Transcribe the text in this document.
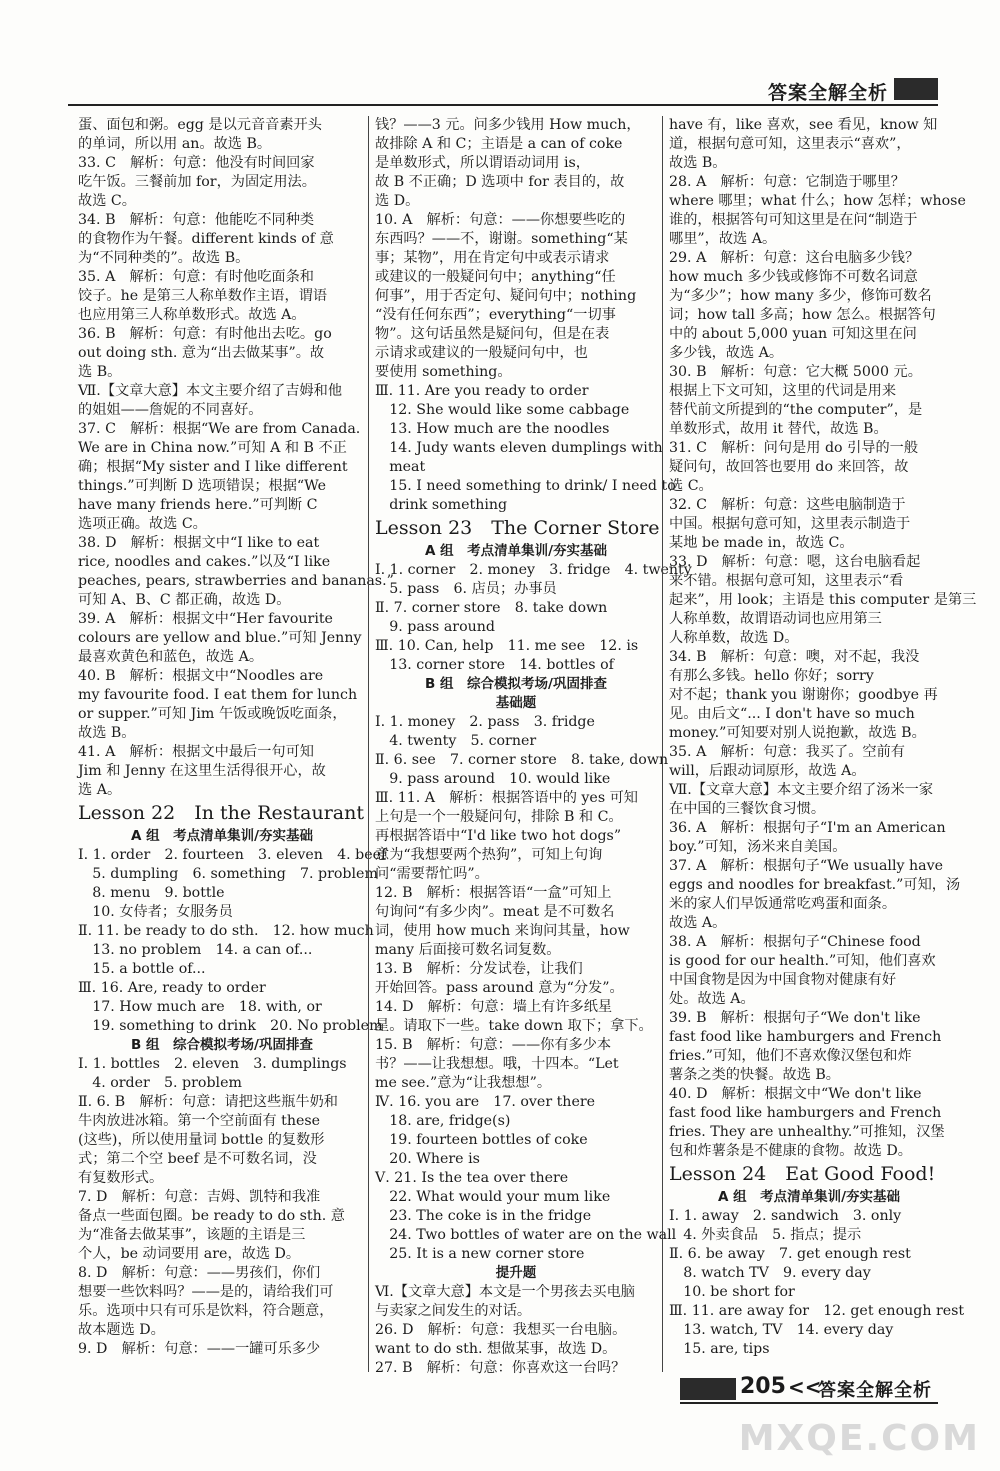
答案全解全析
蛋、面包和粥。egg 是以元音音素开头
的单词，所以用 an。故选 B。
33. C　解析：句意：他没有时间回家
吃午饭。三餐前加 for，为固定用法。
故选 C。
34. B　解析：句意：他能吃不同种类
的食物作为午餐。different kinds of 意
为“不同种类的”。故选 B。
35. A　解析：句意：有时他吃面条和
饺子。he 是第三人称单数作主语，谓语
也应用第三人称单数形式。故选 A。
36. B　解析：句意：有时他出去吃。go
out doing sth. 意为“出去做某事”。故
选 B。
Ⅶ.【文章大意】本文主要介绍了吉姆和他
的姐姐——詹妮的不同喜好。
37. C　解析：根据“We are from Canada.
We are in China now.”可知 A 和 B 不正
确；根据“My sister and I like different
things.”可判断 D 选项错误；根据“We
have many friends here.”可判断 C
选项正确。故选 C。
38. D　解析：根据文中“I like to eat
rice, noodles and cakes.”以及“I like
peaches, pears, strawberries and bananas.”
可知 A、B、C 都正确，故选 D。
39. A　解析：根据文中“Her favourite
colours are yellow and blue.”可知 Jenny
最喜欢黄色和蓝色，故选 A。
40. B　解析：根据文中“Noodles are
my favourite food. I eat them for lunch
or supper.”可知 Jim 午饭或晚饭吃面条，
故选 B。
41. A　解析：根据文中最后一句可知
Jim 和 Jenny 在这里生活得很开心，故
选 A。
Lesson 22　In the Restaurant
A 组　考点清单集训/夯实基础
Ⅰ. 1. order　2. fourteen　3. eleven　4. beef
　5. dumpling　6. something　7. problem
　8. menu　9. bottle
　10. 女侍者；女服务员
Ⅱ. 11. be ready to do sth.　12. how much
　13. no problem　14. a can of...
　15. a bottle of...
Ⅲ. 16. Are, ready to order
　17. How much are　18. with, or
　19. something to drink　20. No problem
B 组　综合模拟考场/巩固排查
Ⅰ. 1. bottles　2. eleven　3. dumplings
　4. order　5. problem
Ⅱ. 6. B　解析：句意：请把这些瓶牛奶和
牛肉放进冰箱。第一个空前面有 these
(这些)，所以使用量词 bottle 的复数形
式；第二个空 beef 是不可数名词，没
有复数形式。
7. D　解析：句意：吉姆、凯特和我准
备点一些面包圈。be ready to do sth. 意
为“准备去做某事”，该题的主语是三
个人，be 动词要用 are，故选 D。
8. D　解析：句意：——男孩们，你们
想要一些饮料吗？——是的，请给我们可
乐。选项中只有可乐是饮料，符合题意，
故本题选 D。
9. D　解析：句意：——一罐可乐多少
钱？——3 元。问多少钱用 How much，
故排除 A 和 C；主语是 a can of coke
是单数形式，所以谓语动词用 is，
故 B 不正确；D 选项中 for 表目的，故
选 D。
10. A　解析：句意：——你想要些吃的
东西吗？——不，谢谢。something“某
事；某物”，用在肯定句中或表示请求
或建议的一般疑问句中；anything“任
何事”，用于否定句、疑问句中；nothing
“没有任何东西”；everything“一切事
物”。这句话虽然是疑问句，但是在表
示请求或建议的一般疑问句中，也
要使用 something。
Ⅲ. 11. Are you ready to order
　12. She would like some cabbage
　13. How much are the noodles
　14. Judy wants eleven dumplings with
　meat
　15. I need something to drink/ I need to
　drink something
Lesson 23　The Corner Store
A 组　考点清单集训/夯实基础
Ⅰ. 1. corner　2. money　3. fridge　4. twenty
　5. pass　6. 店员；办事员
Ⅱ. 7. corner store　8. take down
　9. pass around
Ⅲ. 10. Can, help　11. me see　12. is
　13. corner store　14. bottles of
B 组　综合模拟考场/巩固排查
基础题
Ⅰ. 1. money　2. pass　3. fridge
　4. twenty　5. corner
Ⅱ. 6. see　7. corner store　8. take, down
　9. pass around　10. would like
Ⅲ. 11. A　解析：根据答语中的 yes 可知
上句是一个一般疑问句，排除 B 和 C。
再根据答语中“I'd like two hot dogs”
意为“我想要两个热狗”，可知上句询
问“需要帮忙吗”。
12. B　解析：根据答语“一盒”可知上
句询问“有多少肉”。meat 是不可数名
词，使用 how much 来询问其量，how
many 后面接可数名词复数。
13. B　解析：分发试卷，让我们
开始回答。pass around 意为“分发”。
14. D　解析：句意：墙上有许多纸星
星。请取下一些。take down 取下；拿下。
15. B　解析：句意：——你有多少本
书？——让我想想。哦，十四本。“Let
me see.”意为“让我想想”。
Ⅳ. 16. you are　17. over there
　18. are, fridge(s)
　19. fourteen bottles of coke
　20. Where is
Ⅴ. 21. Is the tea over there
　22. What would your mum like
　23. The coke is in the fridge
　24. Two bottles of water are on the wall
　25. It is a new corner store
提升题
Ⅵ.【文章大意】本文是一个男孩去买电脑
与卖家之间发生的对话。
26. D　解析：句意：我想买一台电脑。
want to do sth. 想做某事，故选 D。
27. B　解析：句意：你喜欢这一台吗？
have 有，like 喜欢，see 看见，know 知
道，根据句意可知，这里表示“喜欢”，
故选 B。
28. A　解析：句意：它制造于哪里？
where 哪里；what 什么；how 怎样；whose
谁的，根据答句可知这里是在问“制造于
哪里”，故选 A。
29. A　解析：句意：这台电脑多少钱？
how much 多少钱或修饰不可数名词意
为“多少”；how many 多少，修饰可数名
词；how tall 多高；how 怎么。根据答句
中的 about 5,000 yuan 可知这里在问
多少钱，故选 A。
30. B　解析：句意：它大概 5000 元。
根据上下文可知，这里的代词是用来
替代前文所提到的“the computer”，是
单数形式，故用 it 替代，故选 B。
31. C　解析：问句是用 do 引导的一般
疑问句，故回答也要用 do 来回答，故
选 C。
32. C　解析：句意：这些电脑制造于
中国。根据句意可知，这里表示制造于
某地 be made in，故选 C。
33. D　解析：句意：嗯，这台电脑看起
来不错。根据句意可知，这里表示“看
起来”，用 look；主语是 this computer 是第三
人称单数，故谓语动词也应用第三
人称单数，故选 D。
34. B　解析：句意：噢，对不起，我没
有那么多钱。hello 你好；sorry
对不起；thank you 谢谢你；goodbye 再
见。由后文“... I don't have so much
money.”可知要对别人说抱歉，故选 B。
35. A　解析：句意：我买了。空前有
will，后跟动词原形，故选 A。
Ⅶ.【文章大意】本文主要介绍了汤米一家
在中国的三餐饮食习惯。
36. A　解析：根据句子“I'm an American
boy.”可知，汤米来自美国。
37. A　解析：根据句子“We usually have
eggs and noodles for breakfast.”可知，汤
米的家人们早饭通常吃鸡蛋和面条。
故选 A。
38. A　解析：根据句子“Chinese food
is good for our health.”可知，他们喜欢
中国食物是因为中国食物对健康有好
处。故选 A。
39. B　解析：根据句子“We don't like
fast food like hamburgers and French
fries.”可知，他们不喜欢像汉堡包和炸
薯条之类的快餐。故选 B。
40. D　解析：根据文中“We don't like
fast food like hamburgers and French
fries. They are unhealthy.”可推知，汉堡
包和炸薯条是不健康的食物。故选 D。
Lesson 24　Eat Good Food!
A 组　考点清单集训/夯实基础
Ⅰ. 1. away　2. sandwich　3. only
　4. 外卖食品　5. 指点；提示
Ⅱ. 6. be away　7. get enough rest
　8. watch TV　9. every day
　10. be short for
Ⅲ. 11. are away for　12. get enough rest
　13. watch, TV　14. every day
　15. are, tips
205 <<
答案全解全析
MXQE.COM
